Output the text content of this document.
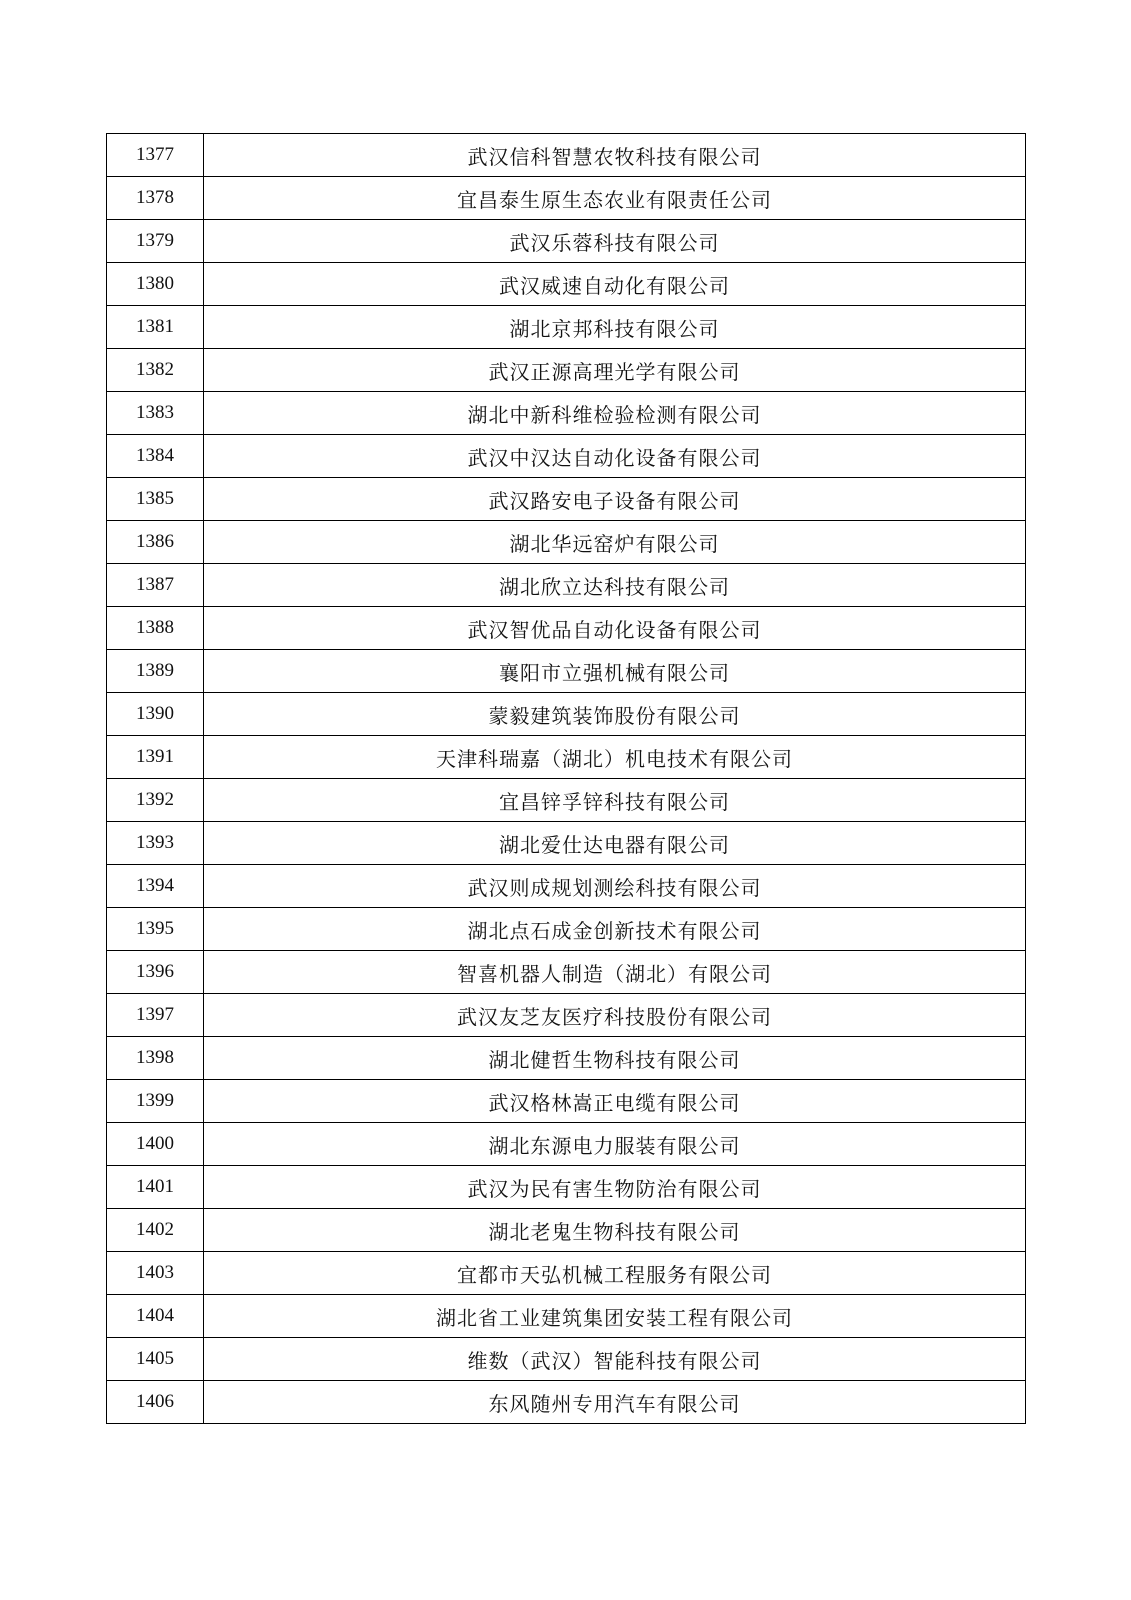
1377	武汉信科智慧农牧科技有限公司
1378	宜昌泰生原生态农业有限责任公司
1379	武汉乐蓉科技有限公司
1380	武汉威速自动化有限公司
1381	湖北京邦科技有限公司
1382	武汉正源高理光学有限公司
1383	湖北中新科维检验检测有限公司
1384	武汉中汉达自动化设备有限公司
1385	武汉路安电子设备有限公司
1386	湖北华远窑炉有限公司
1387	湖北欣立达科技有限公司
1388	武汉智优品自动化设备有限公司
1389	襄阳市立强机械有限公司
1390	蒙毅建筑装饰股份有限公司
1391	天津科瑞嘉（湖北）机电技术有限公司
1392	宜昌锌孚锌科技有限公司
1393	湖北爱仕达电器有限公司
1394	武汉则成规划测绘科技有限公司
1395	湖北点石成金创新技术有限公司
1396	智喜机器人制造（湖北）有限公司
1397	武汉友芝友医疗科技股份有限公司
1398	湖北健哲生物科技有限公司
1399	武汉格林嵩正电缆有限公司
1400	湖北东源电力服装有限公司
1401	武汉为民有害生物防治有限公司
1402	湖北老鬼生物科技有限公司
1403	宜都市天弘机械工程服务有限公司
1404	湖北省工业建筑集团安装工程有限公司
1405	维数（武汉）智能科技有限公司
1406	东风随州专用汽车有限公司
